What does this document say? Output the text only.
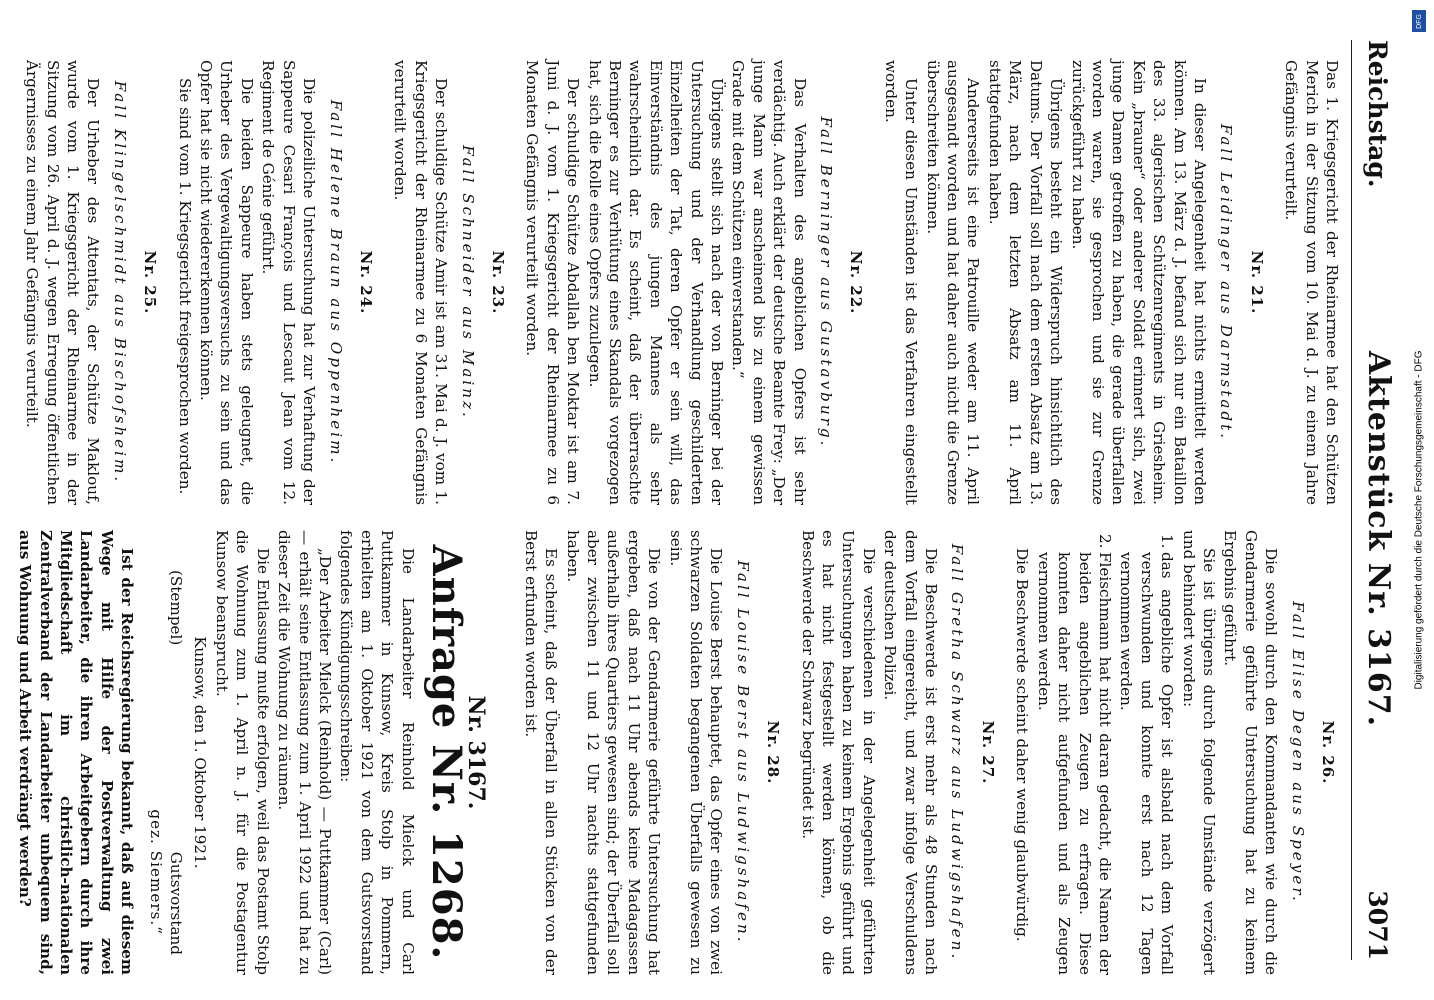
Reichstag.
Aktenstück Nr. 3167.
3071

Das 1. Kriegsgericht der Rheinarmee hat den Schützen Merich in der Sitzung vom 10. Mai d. J. zu einem Jahre Gefängnis verurteilt.

Nr. 21.
Fall Leidinger aus Darmstadt.

In dieser Angelegenheit hat nichts ermittelt werden können. Am 13. März d. J. befand sich nur ein Bataillon des 33. algerischen Schützenregiments in Griesheim. Kein „brauner“ oder anderer Soldat erinnert sich, zwei junge Damen getroffen zu haben, die gerade überfallen worden waren, sie gesprochen und sie zur Grenze zurückgeführt zu haben.

Übrigens besteht ein Widerspruch hinsichtlich des Datums. Der Vorfall soll nach dem ersten Absatz am 13. März, nach dem letzten Absatz am 11. April stattgefunden haben.

Andererseits ist eine Patrouille weder am 11. April ausgesandt worden und hat daher auch nicht die Grenze überschreiten können.

Unter diesen Umständen ist das Verfahren eingestellt worden.

Nr. 22.
Fall Berninger aus Gustavburg.

Das Verhalten des angeblichen Opfers ist sehr verdächtig. Auch erklärt der deutsche Beamte Frey: „Der junge Mann war anscheinend bis zu einem gewissen Grade mit dem Schützen einverstanden.“

Übrigens stellt sich nach der von Berninger bei der Untersuchung und der Verhandlung geschilderten Einzelheiten der Tat, deren Opfer er sein will, das Einverständnis des jungen Mannes als sehr wahrscheinlich dar. Es scheint, daß der überraschte Berninger es zur Verhütung eines Skandals vorgezogen hat, sich die Rolle eines Opfers zuzulegen.

Der schuldige Schütze Abdallah ben Moktar ist am 7. Juni d. J. vom 1. Kriegsgericht der Rheinarmee zu 6 Monaten Gefängnis verurteilt worden.

Nr. 23.
Fall Schneider aus Mainz.

Der schuldige Schütze Amir ist am 31. Mai d. J. vom 1. Kriegsgericht der Rheinarmee zu 6 Monaten Gefängnis verurteilt worden.

Nr. 24.
Fall Helene Braun aus Oppenheim.

Die polizeiliche Untersuchung hat zur Verhaftung der Sappeure Cesari François und Lescaut Jean vom 12. Regiment de Génie geführt.

Die beiden Sappeure haben stets geleugnet, die Urheber des Vergewaltigungsversuchs zu sein und das Opfer hat sie nicht wiedererkennen können.

Sie sind vom 1. Kriegsgericht freigesprochen worden.

Nr. 25.
Fall Klingelschmidt aus Bischofsheim.

Der Urheber des Attentats, der Schütze Maklouf, wurde vom 1. Kriegsgericht der Rheinarmee in der Sitzung vom 26. April d. J. wegen Erregung öffentlichen Ärgernisses zu einem Jahr Gefängnis verurteilt.

Nr. 26.
Fall Elise Degen aus Speyer.

Die sowohl durch den Kommandanten wie durch die Gendarmerie geführte Untersuchung hat zu keinem Ergebnis geführt.

Sie ist übrigens durch folgende Umstände verzögert und behindert worden:

1.
das angebliche Opfer ist alsbald nach dem Vorfall verschwunden und konnte erst nach 12 Tagen vernommen werden.

2.
Fleischmann hat nicht daran gedacht, die Namen der beiden angeblichen Zeugen zu erfragen. Diese konnten daher nicht aufgefunden und als Zeugen vernommen werden.

Die Beschwerde scheint daher wenig glaubwürdig.

Nr. 27.
Fall Gretha Schwarz aus Ludwigshafen.

Die Beschwerde ist erst mehr als 48 Stunden nach dem Vorfall eingereicht, und zwar infolge Verschuldens der deutschen Polizei.

Die verschiedenen in der Angelegenheit geführten Untersuchungen haben zu keinem Ergebnis geführt und es hat nicht festgestellt werden können, ob die Beschwerde der Schwarz begründet ist.

Nr. 28.
Fall Louise Berst aus Ludwigshafen.

Die Louise Berst behauptet, das Opfer eines von zwei schwarzen Soldaten begangenen Überfalls gewesen zu sein.

Die von der Gendarmerie geführte Untersuchung hat ergeben, daß nach 11 Uhr abends keine Madagassen außerhalb ihres Quartiers gewesen sind; der Überfall soll aber zwischen 11 und 12 Uhr nachts stattgefunden haben.

Es scheint, daß der Überfall in allen Stücken von der Berst erfunden worden ist.

Nr. 3167.
Anfrage Nr. 1268.

Die Landarbeiter Reinhold Mielck und Carl Puttkammer in Kunsow, Kreis Stolp in Pommern, erhielten am 1. Oktober 1921 von dem Gutsvorstand folgendes Kündigungsschreiben:

„Der Arbeiter Mielck (Reinhold) — Puttkammer (Carl) — erhält seine Entlassung zum 1. April 1922 und hat zu dieser Zeit die Wohnung zu räumen.

Die Entlassung mußte erfolgen, weil das Postamt Stolp die Wohnung zum 1. April n. J. für die Postagentur Kunsow beansprucht.

Kunsow, den 1. Oktober 1921.

(Stempel)
Gutsvorstand
gez. Siemers.“

Ist der Reichsregierung bekannt, daß auf diesem Wege mit Hilfe der Postverwaltung zwei Landarbeiter, die ihren Arbeitgebern durch ihre Mitgliedschaft im christlich-nationalen Zentralverband der Landarbeiter unbequem sind, aus Wohnung und Arbeit verdrängt werden?

Digitalisierung gefördert durch die Deutsche Forschungsgemeinschaft - DFG
DFG
